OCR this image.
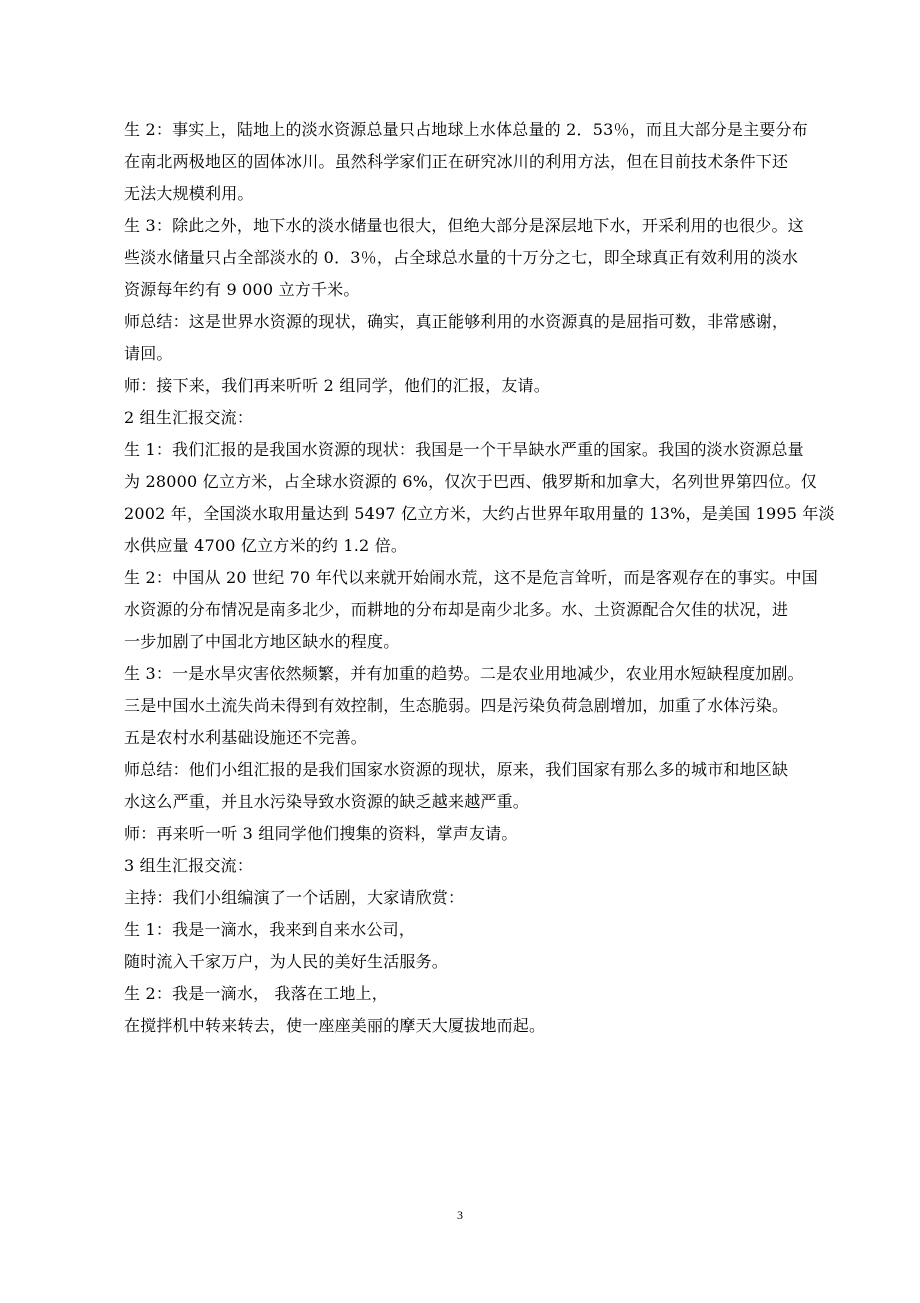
生 2：事实上，陆地上的淡水资源总量只占地球上水体总量的 2．53％，而且大部分是主要分布
在南北两极地区的固体冰川。虽然科学家们正在研究冰川的利用方法，但在目前技术条件下还
无法大规模利用。
生 3：除此之外，地下水的淡水储量也很大，但绝大部分是深层地下水，开采利用的也很少。这
些淡水储量只占全部淡水的 0．3％，占全球总水量的十万分之七，即全球真正有效利用的淡水
资源每年约有 9 000 立方千米。
师总结：这是世界水资源的现状，确实，真正能够利用的水资源真的是屈指可数，非常感谢，
请回。
师：接下来，我们再来听听 2 组同学，他们的汇报，友请。
2 组生汇报交流：
生 1：我们汇报的是我国水资源的现状：我国是一个干旱缺水严重的国家。我国的淡水资源总量
为 28000 亿立方米，占全球水资源的 6%，仅次于巴西、俄罗斯和加拿大，名列世界第四位。仅
2002 年，全国淡水取用量达到 5497 亿立方米，大约占世界年取用量的 13%，是美国 1995 年淡
水供应量 4700 亿立方米的约 1.2 倍。
生 2：中国从 20 世纪 70 年代以来就开始闹水荒，这不是危言耸听，而是客观存在的事实。中国
水资源的分布情况是南多北少，而耕地的分布却是南少北多。水、土资源配合欠佳的状况，进
一步加剧了中国北方地区缺水的程度。
生 3：一是水旱灾害依然频繁，并有加重的趋势。二是农业用地减少，农业用水短缺程度加剧。
三是中国水土流失尚未得到有效控制，生态脆弱。四是污染负荷急剧增加，加重了水体污染。
五是农村水利基础设施还不完善。
师总结：他们小组汇报的是我们国家水资源的现状，原来，我们国家有那么多的城市和地区缺
水这么严重，并且水污染导致水资源的缺乏越来越严重。
师：再来听一听 3 组同学他们搜集的资料，掌声友请。
3 组生汇报交流：
主持：我们小组编演了一个话剧，大家请欣赏：
生 1：我是一滴水，我来到自来水公司，
随时流入千家万户，为人民的美好生活服务。
生 2：我是一滴水， 我落在工地上，
在搅拌机中转来转去，使一座座美丽的摩天大厦拔地而起。
3
